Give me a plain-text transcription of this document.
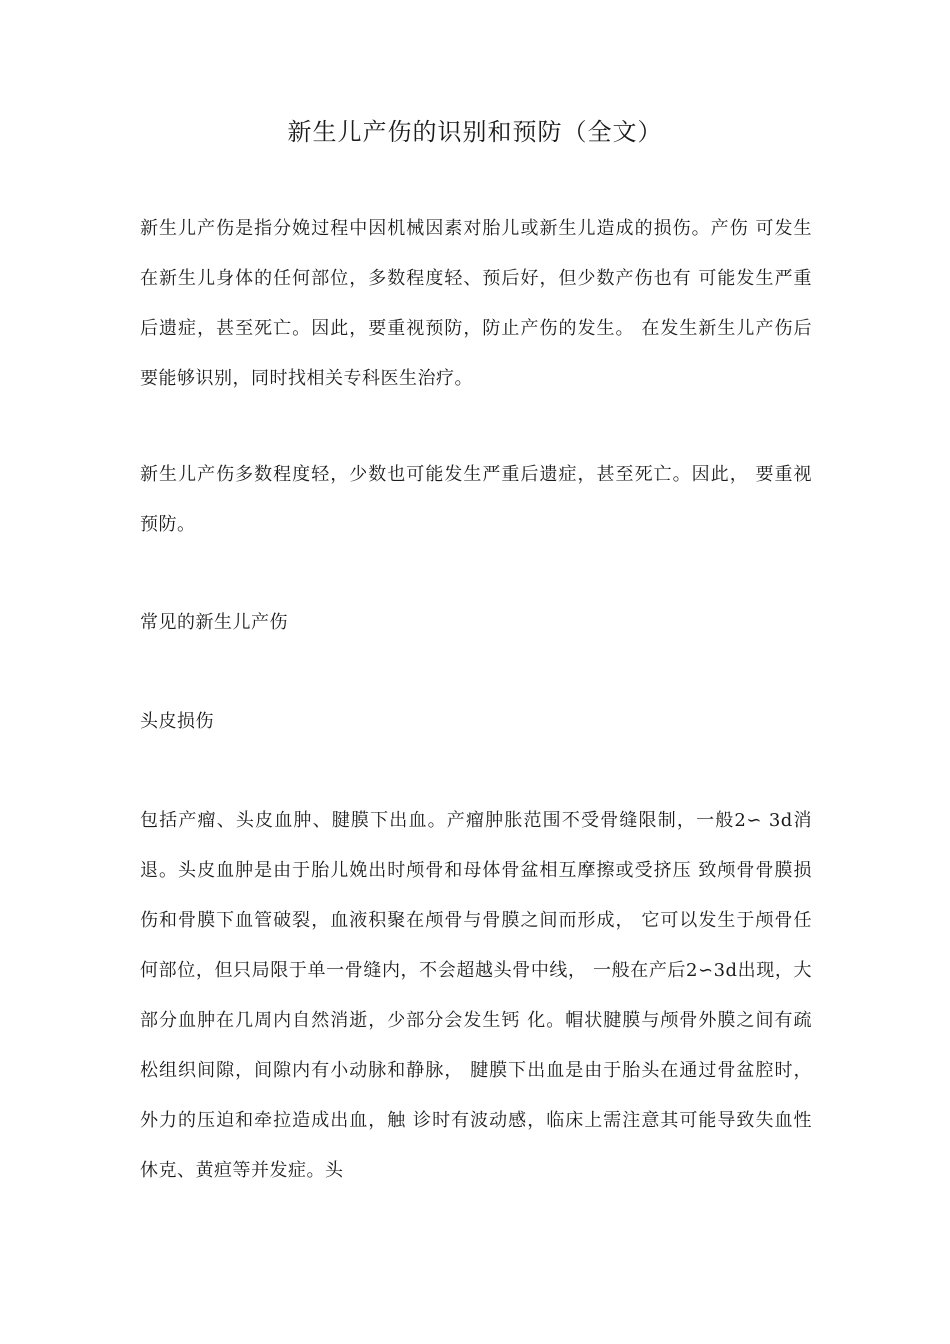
新生儿产伤的识别和预防（全文）

新生儿产伤是指分娩过程中因机械因素对胎儿或新生儿造成的损伤。产伤 可发生在新生儿身体的任何部位，多数程度轻、预后好，但少数产伤也有 可能发生严重后遗症，甚至死亡。因此，要重视预防，防止产伤的发生。 在发生新生儿产伤后要能够识别，同时找相关专科医生治疗。

新生儿产伤多数程度轻，少数也可能发生严重后遗症，甚至死亡。因此， 要重视预防。

常见的新生儿产伤

头皮损伤

包括产瘤、头皮血肿、腱膜下出血。产瘤肿胀范围不受骨缝限制，一般2∽ 3d消退。头皮血肿是由于胎儿娩出时颅骨和母体骨盆相互摩擦或受挤压 致颅骨骨膜损伤和骨膜下血管破裂，血液积聚在颅骨与骨膜之间而形成， 它可以发生于颅骨任何部位，但只局限于单一骨缝内，不会超越头骨中线， 一般在产后2∽3d出现，大部分血肿在几周内自然消逝，少部分会发生钙 化。帽状腱膜与颅骨外膜之间有疏松组织间隙，间隙内有小动脉和静脉， 腱膜下出血是由于胎头在通过骨盆腔时，外力的压迫和牵拉造成出血，触 诊时有波动感，临床上需注意其可能导致失血性休克、黄疸等并发症。头
